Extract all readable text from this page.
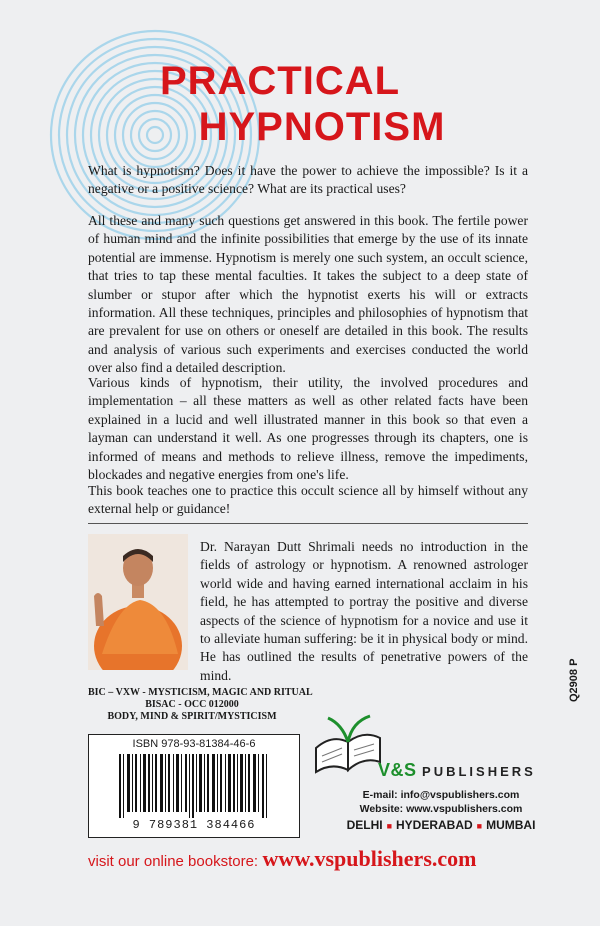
PRACTICAL
HYPNOTISM

What is hypnotism? Does it have the power to achieve the impossible? Is it a negative or a positive science? What are its practical uses?

All these and many such questions get answered in this book. The fertile power of human mind and the infinite possibilities that emerge by the use of its innate potential are immense. Hypnotism is merely one such system, an occult science, that tries to tap these mental faculties. It takes the subject to a deep state of slumber or stupor after which the hypnotist exerts his will or extracts information. All these techniques, principles and philosophies of hypnotism that are prevalent for use on others or oneself are detailed in this book. The results and analysis of various such experiments and exercises conducted the world over also find a detailed description.

Various kinds of hypnotism, their utility, the involved procedures and implementation – all these matters as well as other related facts have been explained in a lucid and well illustrated manner in this book so that even a layman can understand it well. As one progresses through its chapters, one is informed of means and methods to relieve illness, remove the impediments, blockades and negative energies from one's life.

This book teaches one to practice this occult science all by himself without any external help or guidance!

Dr. Narayan Dutt Shrimali needs no introduction in the fields of astrology or hypnotism. A renowned astrologer world wide and having earned international acclaim in his field, he has attempted to portray the positive and diverse aspects of the science of hypnotism for a novice and use it to alleviate human suffering: be it in physical body or mind. He has outlined the results of penetrative powers of the mind.

BIC – VXW - MYSTICISM, MAGIC AND RITUAL
BISAC - OCC 012000
BODY, MIND & SPIRIT/MYSTICISM
ISBN 978-93-81384-46-6
9 789381 384466
Q2908 P
V&S PUBLISHERS
E-mail: info@vspublishers.com
Website: www.vspublishers.com
DELHI ■ HYDERABAD ■ MUMBAI
visit our online bookstore: www.vspublishers.com
